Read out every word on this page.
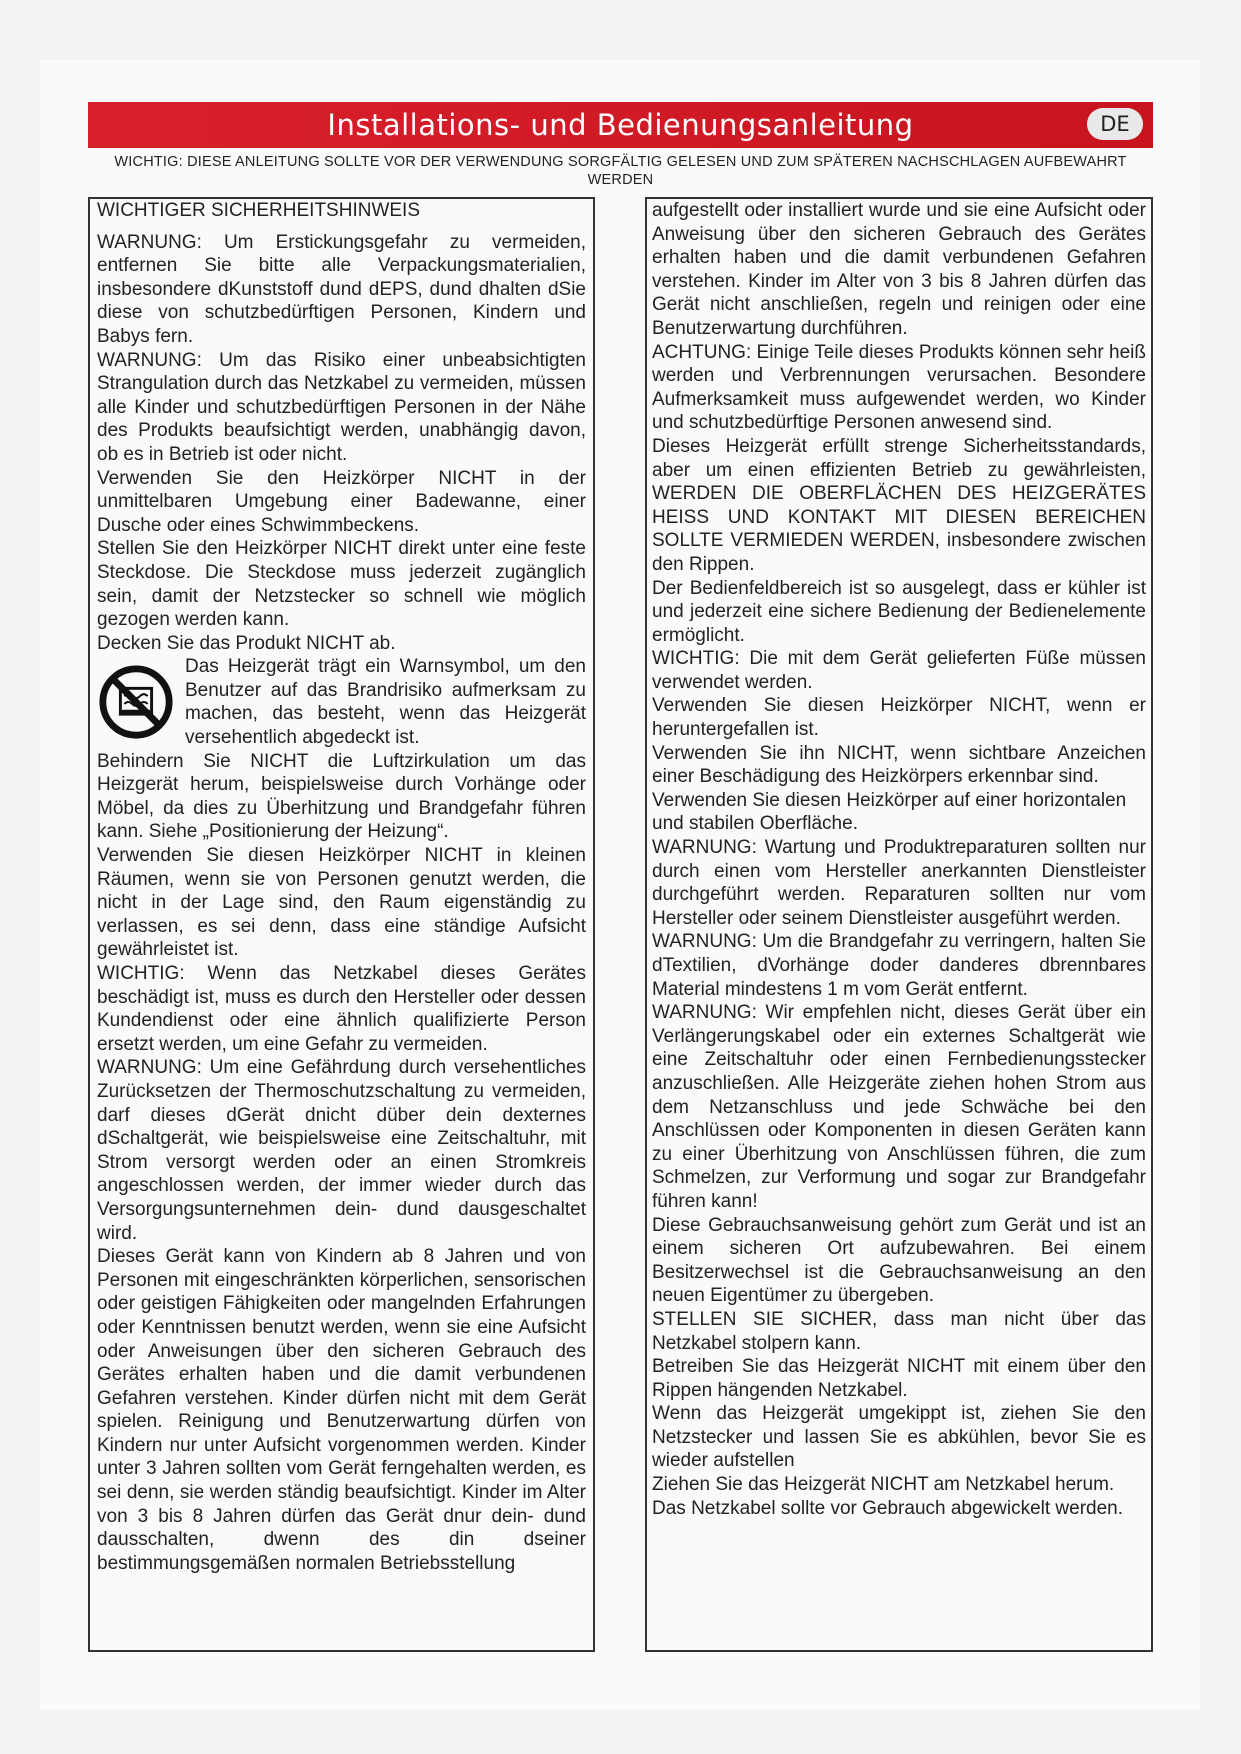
Installations- und Bedienungsanleitung	DE
WICHTIG: DIESE ANLEITUNG SOLLTE VOR DER VERWENDUNG SORGFÄLTIG GELESEN UND ZUM SPÄTEREN NACHSCHLAGEN AUFBEWAHRT WERDEN

WICHTIGER SICHERHEITSHINWEIS

WARNUNG: Um Erstickungsgefahr zu vermeiden, entfernen Sie bitte alle Verpackungsmaterialien, insbesondere dKunststoff dund dEPS, dund dhalten dSie diese von schutzbedürftigen Personen, Kindern und Babys fern.

WARNUNG: Um das Risiko einer unbeabsichtigten Strangulation durch das Netzkabel zu vermeiden, müssen alle Kinder und schutzbedürftigen Personen in der Nähe des Produkts beaufsichtigt werden, unabhängig davon, ob es in Betrieb ist oder nicht.

Verwenden Sie den Heizkörper NICHT in der unmittelbaren Umgebung einer Badewanne, einer Dusche oder eines Schwimmbeckens.

Stellen Sie den Heizkörper NICHT direkt unter eine feste Steckdose. Die Steckdose muss jederzeit zugänglich sein, damit der Netzstecker so schnell wie möglich gezogen werden kann.

Decken Sie das Produkt NICHT ab.

Das Heizgerät trägt ein Warnsymbol, um den Benutzer auf das Brandrisiko aufmerksam zu machen, das besteht, wenn das Heizgerät versehentlich abgedeckt ist.

Behindern Sie NICHT die Luftzirkulation um das Heizgerät herum, beispielsweise durch Vorhänge oder Möbel, da dies zu Überhitzung und Brandgefahr führen kann. Siehe „Positionierung der Heizung“.

Verwenden Sie diesen Heizkörper NICHT in kleinen Räumen, wenn sie von Personen genutzt werden, die nicht in der Lage sind, den Raum eigenständig zu verlassen, es sei denn, dass eine ständige Aufsicht gewährleistet ist.

WICHTIG: Wenn das Netzkabel dieses Gerätes beschädigt ist, muss es durch den Hersteller oder dessen Kundendienst oder eine ähnlich qualifizierte Person ersetzt werden, um eine Gefahr zu vermeiden.

WARNUNG: Um eine Gefährdung durch versehentliches Zurücksetzen der Thermoschutzschaltung zu vermeiden, darf dieses dGerät dnicht düber dein dexternes dSchaltgerät, wie beispielsweise eine Zeitschaltuhr, mit Strom versorgt werden oder an einen Stromkreis angeschlossen werden, der immer wieder durch das Versorgungsunternehmen dein- dund dausgeschaltet wird.

Dieses Gerät kann von Kindern ab 8 Jahren und von Personen mit eingeschränkten körperlichen, sensorischen oder geistigen Fähigkeiten oder mangelnden Erfahrungen oder Kenntnissen benutzt werden, wenn sie eine Aufsicht oder Anweisungen über den sicheren Gebrauch des Gerätes erhalten haben und die damit verbundenen Gefahren verstehen. Kinder dürfen nicht mit dem Gerät spielen. Reinigung und Benutzerwartung dürfen von Kindern nur unter Aufsicht vorgenommen werden. Kinder unter 3 Jahren sollten vom Gerät ferngehalten werden, es sei denn, sie werden ständig beaufsichtigt. Kinder im Alter von 3 bis 8 Jahren dürfen das Gerät dnur dein- dund dausschalten, dwenn des din dseiner bestimmungsgemäßen normalen Betriebsstellung

aufgestellt oder installiert wurde und sie eine Aufsicht oder Anweisung über den sicheren Gebrauch des Gerätes erhalten haben und die damit verbundenen Gefahren verstehen. Kinder im Alter von 3 bis 8 Jahren dürfen das Gerät nicht anschließen, regeln und reinigen oder eine Benutzerwartung durchführen.

ACHTUNG: Einige Teile dieses Produkts können sehr heiß werden und Verbrennungen verursachen. Besondere Aufmerksamkeit muss aufgewendet werden, wo Kinder und schutzbedürftige Personen anwesend sind.

Dieses Heizgerät erfüllt strenge Sicherheitsstandards, aber um einen effizienten Betrieb zu gewährleisten, WERDEN DIE OBERFLÄCHEN DES HEIZGERÄTES HEISS UND KONTAKT MIT DIESEN BEREICHEN SOLLTE VERMIEDEN WERDEN, insbesondere zwischen den Rippen.

Der Bedienfeldbereich ist so ausgelegt, dass er kühler ist und jederzeit eine sichere Bedienung der Bedienelemente ermöglicht.

WICHTIG: Die mit dem Gerät gelieferten Füße müssen verwendet werden.

Verwenden Sie diesen Heizkörper NICHT, wenn er heruntergefallen ist.

Verwenden Sie ihn NICHT, wenn sichtbare Anzeichen einer Beschädigung des Heizkörpers erkennbar sind.

Verwenden Sie diesen Heizkörper auf einer horizontalen

und stabilen Oberfläche.

WARNUNG: Wartung und Produktreparaturen sollten nur durch einen vom Hersteller anerkannten Dienstleister durchgeführt werden. Reparaturen sollten nur vom Hersteller oder seinem Dienstleister ausgeführt werden.

WARNUNG: Um die Brandgefahr zu verringern, halten Sie dTextilien, dVorhänge doder danderes dbrennbares Material mindestens 1 m vom Gerät entfernt.

WARNUNG: Wir empfehlen nicht, dieses Gerät über ein Verlängerungskabel oder ein externes Schaltgerät wie eine Zeitschaltuhr oder einen Fernbedienungsstecker anzuschließen. Alle Heizgeräte ziehen hohen Strom aus dem Netzanschluss und jede Schwäche bei den Anschlüssen oder Komponenten in diesen Geräten kann zu einer Überhitzung von Anschlüssen führen, die zum Schmelzen, zur Verformung und sogar zur Brandgefahr führen kann!

Diese Gebrauchsanweisung gehört zum Gerät und ist an einem sicheren Ort aufzubewahren. Bei einem Besitzerwechsel ist die Gebrauchsanweisung an den neuen Eigentümer zu übergeben.

STELLEN SIE SICHER, dass man nicht über das Netzkabel stolpern kann.

Betreiben Sie das Heizgerät NICHT mit einem über den Rippen hängenden Netzkabel.

Wenn das Heizgerät umgekippt ist, ziehen Sie den Netzstecker und lassen Sie es abkühlen, bevor Sie es wieder aufstellen

Ziehen Sie das Heizgerät NICHT am Netzkabel herum.

Das Netzkabel sollte vor Gebrauch abgewickelt werden.
